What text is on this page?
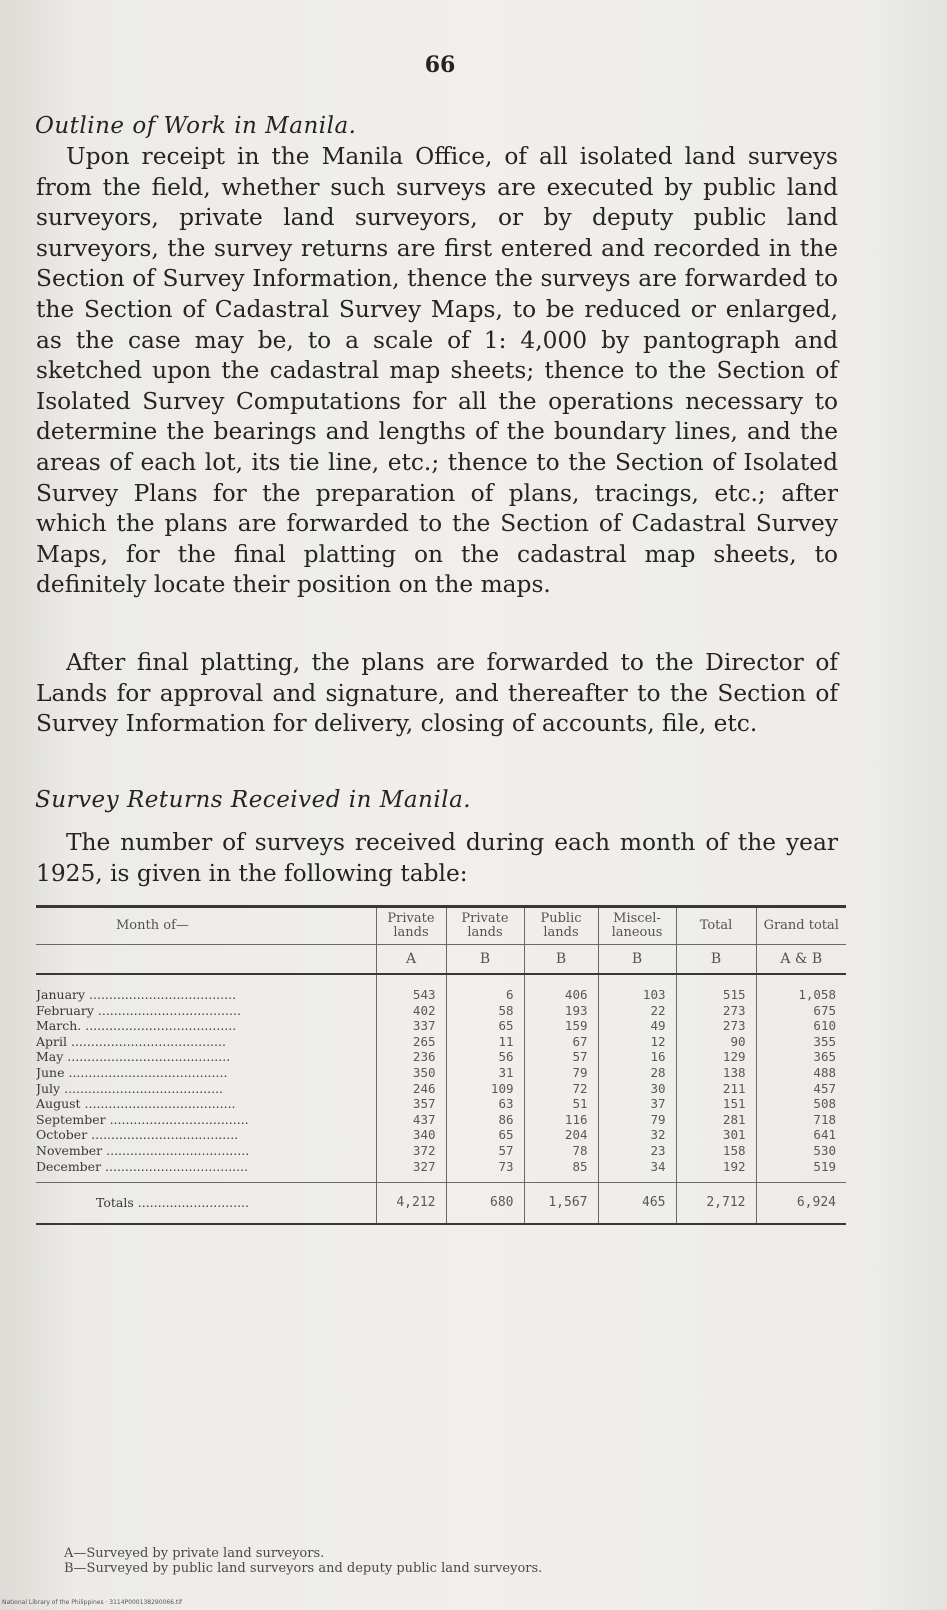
66
Outline of Work in Manila.

Upon receipt in the Manila Office, of all isolated land surveys from the field, whether such surveys are executed by public land surveyors, private land surveyors, or by deputy public land surveyors, the survey returns are first entered and recorded in the Section of Survey Information, thence the surveys are forwarded to the Section of Cadastral Survey Maps, to be reduced or enlarged, as the case may be, to a scale of 1: 4,000 by pantograph and sketched upon the cadastral map sheets; thence to the Section of Isolated Survey Computations for all the operations necessary to determine the bearings and lengths of the boundary lines, and the areas of each lot, its tie line, etc.; thence to the Section of Isolated Survey Plans for the preparation of plans, tracings, etc.; after which the plans are forwarded to the Section of Cadastral Survey Maps, for the final platting on the cadastral map sheets, to definitely locate their position on the maps.

After final platting, the plans are forwarded to the Director of Lands for approval and signature, and thereafter to the Section of Survey Information for delivery, closing of accounts, file, etc.

Survey Returns Received in Manila.

The number of surveys received during each month of the year 1925, is given in the following table:

Month of—	Private lands	Private lands	Public lands	Miscel-laneous	Total	Grand total
	A	B	B	B	B	A & B
January .....................................	543	6	406	103	515	1,058
February ....................................	402	58	193	22	273	675
March. ......................................	337	65	159	49	273	610
April .......................................	265	11	67	12	90	355
May .........................................	236	56	57	16	129	365
June ........................................	350	31	79	28	138	488
July ........................................	246	109	72	30	211	457
August ......................................	357	63	51	37	151	508
September ...................................	437	86	116	79	281	718
October .....................................	340	65	204	32	301	641
November ....................................	372	57	78	23	158	530
December ....................................	327	73	85	34	192	519
Totals ............................	4,212	680	1,567	465	2,712	6,924
A—Surveyed by private land surveyors.
B—Surveyed by public land surveyors and deputy public land surveyors.
National Library of the Philippines · 3114P000138290066.tif
